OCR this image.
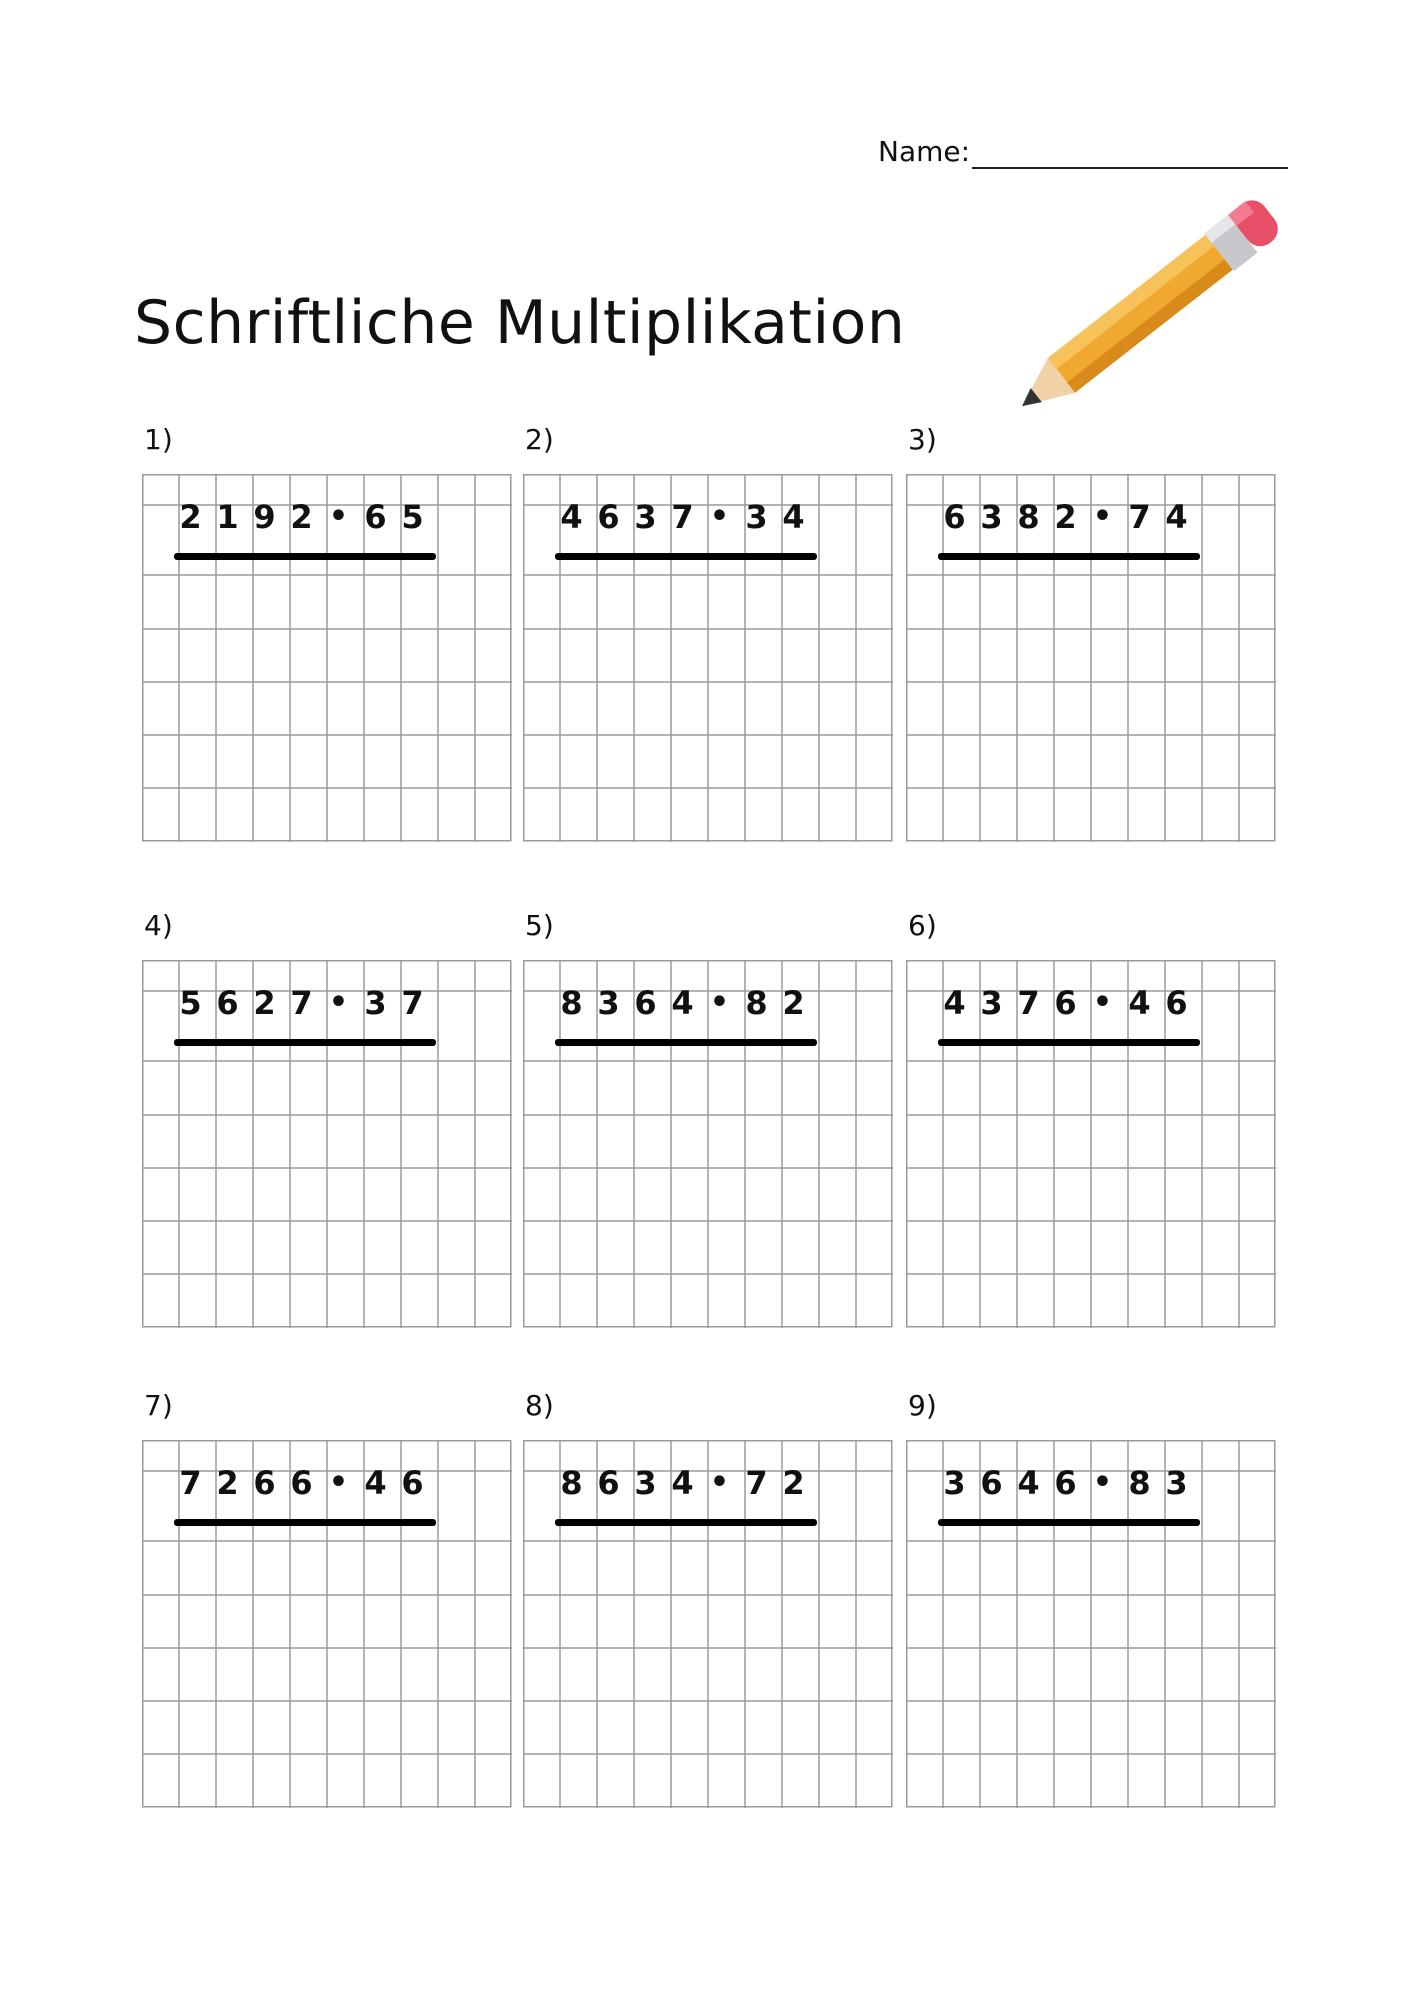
Name:
Schriftliche Multiplikation
1)
2 1 9 2 • 6 5
2)
4 6 3 7 • 3 4
3)
6 3 8 2 • 7 4
4)
5 6 2 7 • 3 7
5)
8 3 6 4 • 8 2
6)
4 3 7 6 • 4 6
7)
7 2 6 6 • 4 6
8)
8 6 3 4 • 7 2
9)
3 6 4 6 • 8 3
